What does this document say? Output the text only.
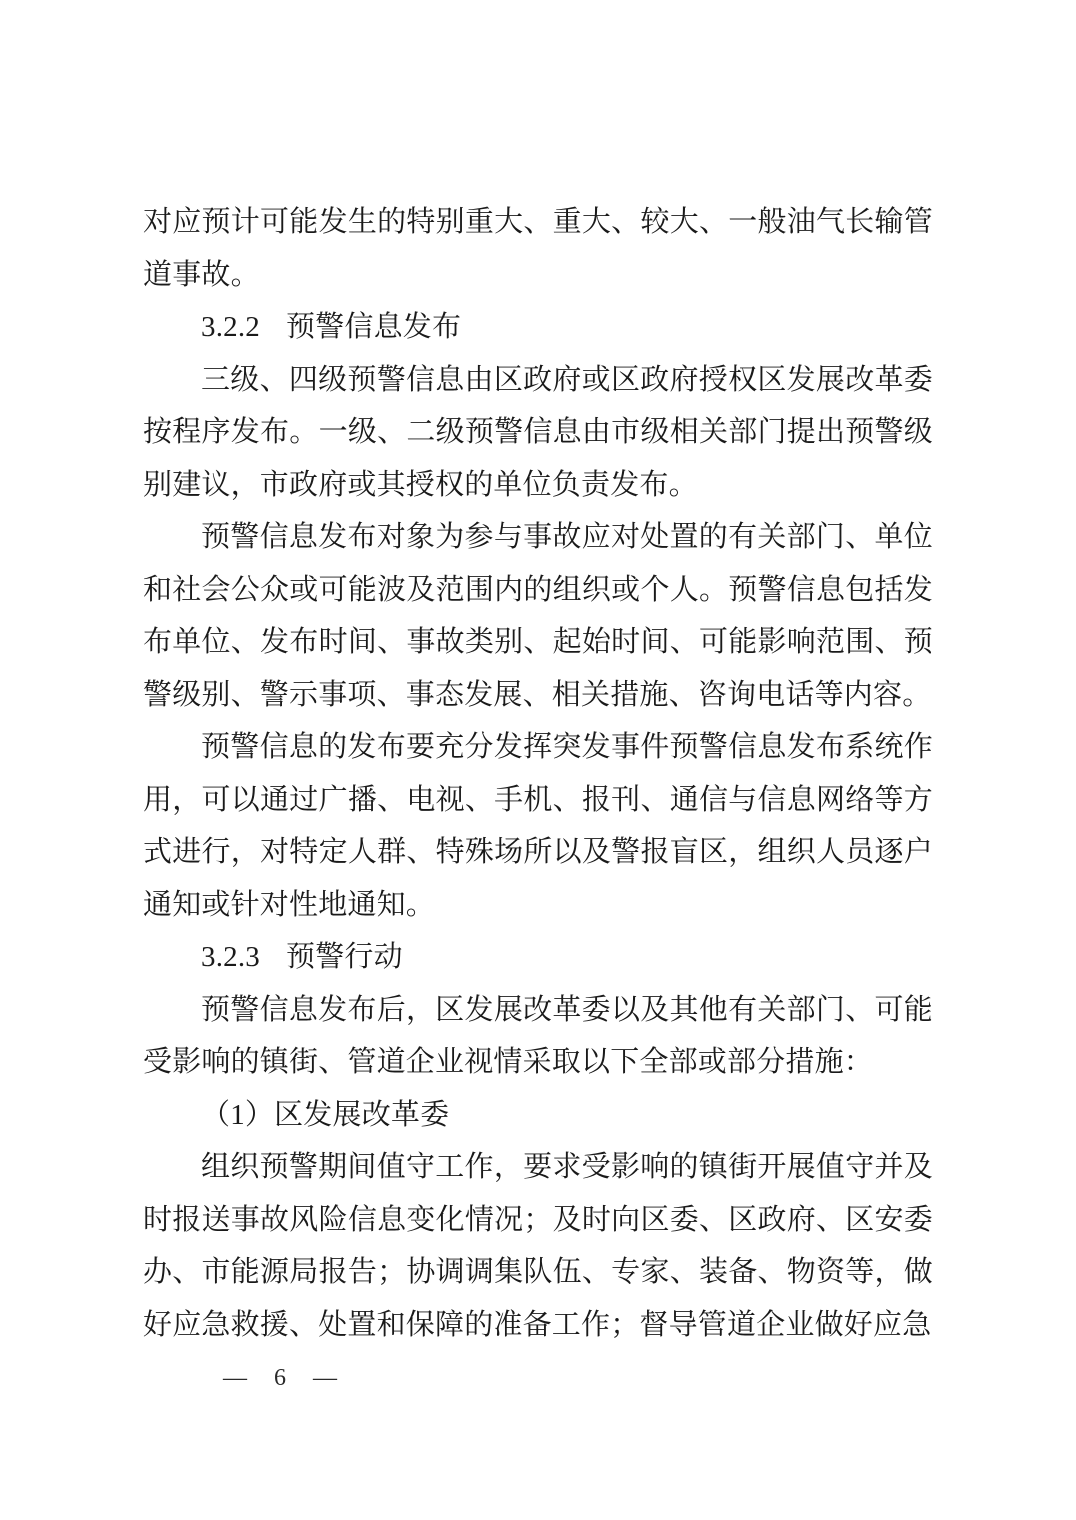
对应预计可能发生的特别重大、重大、较大、一般油气长输管道事故。

3.2.2 预警信息发布

三级、四级预警信息由区政府或区政府授权区发展改革委按程序发布。一级、二级预警信息由市级相关部门提出预警级别建议，市政府或其授权的单位负责发布。

预警信息发布对象为参与事故应对处置的有关部门、单位和社会公众或可能波及范围内的组织或个人。预警信息包括发布单位、发布时间、事故类别、起始时间、可能影响范围、预警级别、警示事项、事态发展、相关措施、咨询电话等内容。

预警信息的发布要充分发挥突发事件预警信息发布系统作用，可以通过广播、电视、手机、报刊、通信与信息网络等方式进行，对特定人群、特殊场所以及警报盲区，组织人员逐户通知或针对性地通知。

3.2.3 预警行动

预警信息发布后，区发展改革委以及其他有关部门、可能受影响的镇街、管道企业视情采取以下全部或部分措施：

（1）区发展改革委

组织预警期间值守工作，要求受影响的镇街开展值守并及时报送事故风险信息变化情况；及时向区委、区政府、区安委办、市能源局报告；协调调集队伍、专家、装备、物资等，做好应急救援、处置和保障的准备工作；督导管道企业做好应急

— 6 —
